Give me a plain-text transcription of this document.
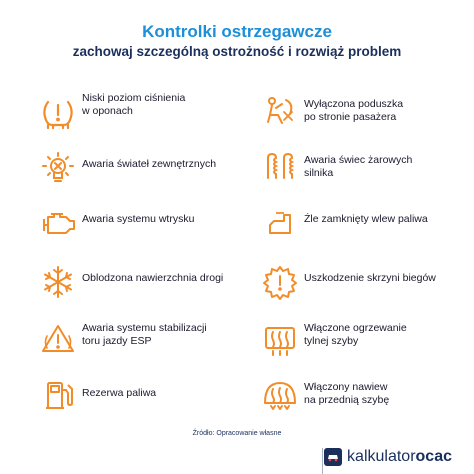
Kontrolki ostrzegawcze
zachowaj szczególną ostrożność i rozwiąż problem
Niski poziom ciśnienia
w oponach
Awaria świateł zewnętrznych
Awaria systemu wtrysku
Oblodzona nawierzchnia drogi
Awaria systemu stabilizacji
toru jazdy ESP
Rezerwa paliwa
Wyłączona poduszka
po stronie pasażera
Awaria świec żarowych
silnika
Źle zamknięty wlew paliwa
Uszkodzenie skrzyni biegów
Włączone ogrzewanie
tylnej szyby
Włączony nawiew
na przednią szybę
Źródło: Opracowanie własne
kalkulator ocac
